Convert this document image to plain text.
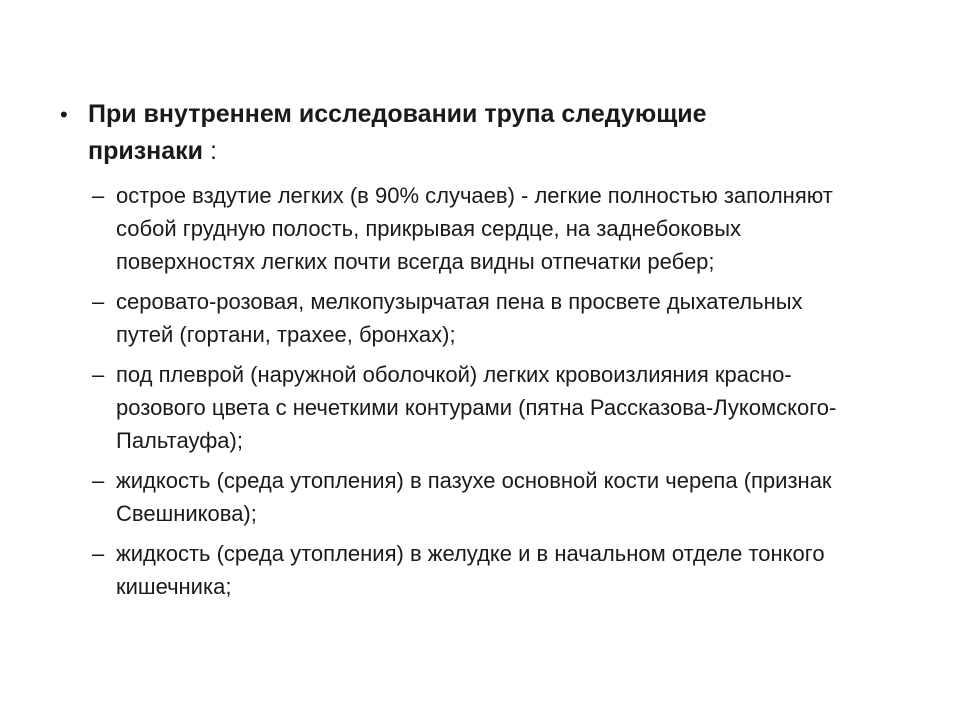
• При внутреннем исследовании трупа следующие признаки :
– острое вздутие легких (в 90% случаев) - легкие полностью заполняют собой грудную полость, прикрывая сердце, на заднебоковых поверхностях легких почти всегда видны отпечатки ребер;
– серовато-розовая, мелкопузырчатая пена в просвете дыхательных путей (гортани, трахее, бронхах);
– под плеврой (наружной оболочкой) легких кровоизлияния красно-розового цвета с нечеткими контурами (пятна Рассказова-Лукомского-Пальтауфа);
– жидкость (среда утопления) в пазухе основной кости черепа (признак Свешникова);
– жидкость (среда утопления) в желудке и в начальном отделе тонкого кишечника;
